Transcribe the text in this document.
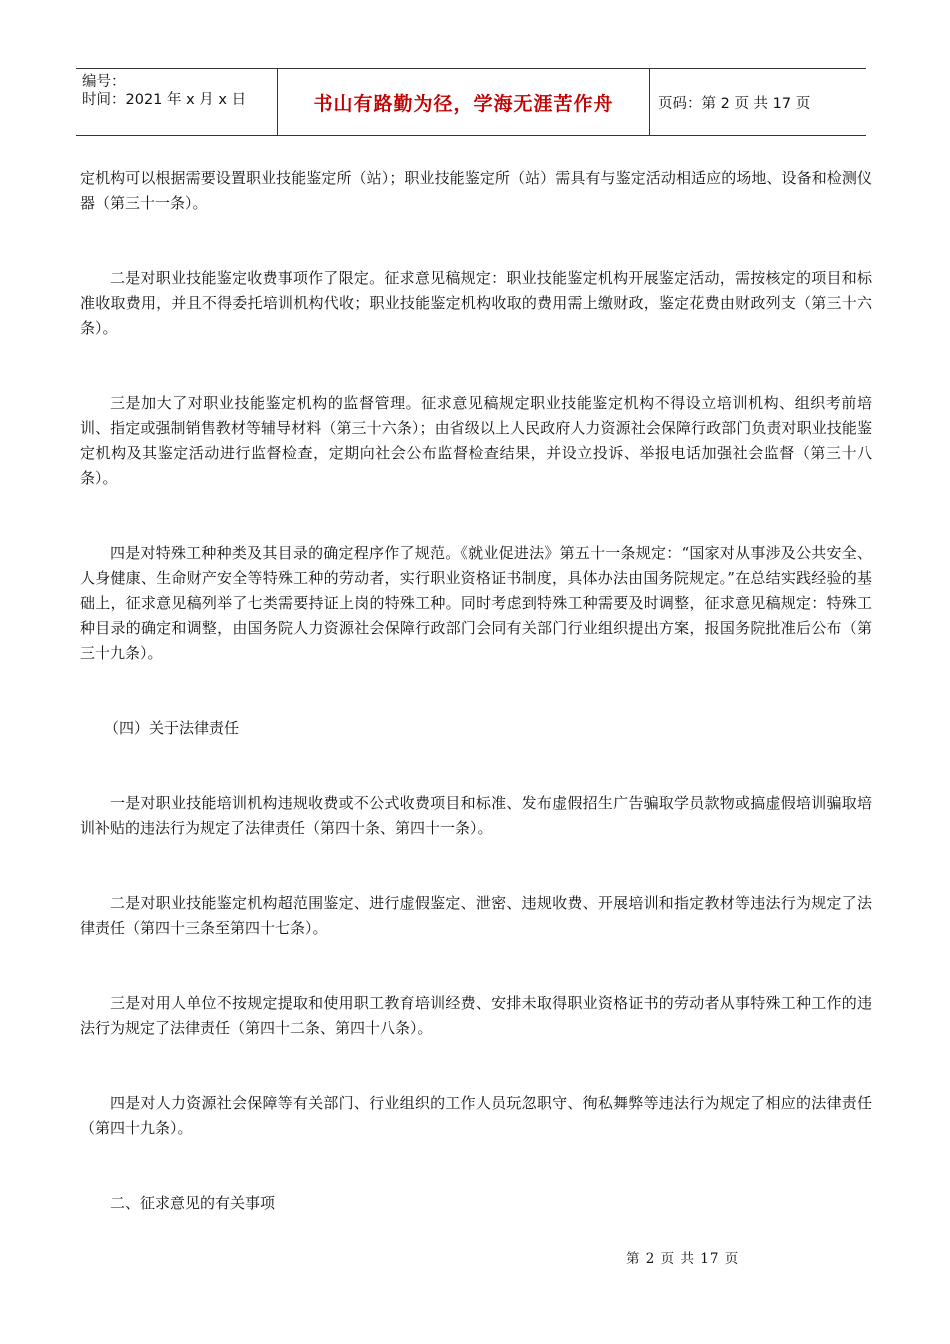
编号：
时间：2021 年 x 月 x 日	书山有路勤为径，学海无涯苦作舟	页码：第 2 页 共 17 页

定机构可以根据需要设置职业技能鉴定所（站）；职业技能鉴定所（站）需具有与鉴定活动相适应的场地、设备和检测仪器（第三十一条）。

二是对职业技能鉴定收费事项作了限定。征求意见稿规定：职业技能鉴定机构开展鉴定活动，需按核定的项目和标准收取费用，并且不得委托培训机构代收；职业技能鉴定机构收取的费用需上缴财政，鉴定花费由财政列支（第三十六条）。

三是加大了对职业技能鉴定机构的监督管理。征求意见稿规定职业技能鉴定机构不得设立培训机构、组织考前培训、指定或强制销售教材等辅导材料（第三十六条）；由省级以上人民政府人力资源社会保障行政部门负责对职业技能鉴定机构及其鉴定活动进行监督检查，定期向社会公布监督检查结果，并设立投诉、举报电话加强社会监督（第三十八条）。

四是对特殊工种种类及其目录的确定程序作了规范。《就业促进法》第五十一条规定：“国家对从事涉及公共安全、人身健康、生命财产安全等特殊工种的劳动者，实行职业资格证书制度，具体办法由国务院规定。”在总结实践经验的基础上，征求意见稿列举了七类需要持证上岗的特殊工种。同时考虑到特殊工种需要及时调整，征求意见稿规定：特殊工种目录的确定和调整，由国务院人力资源社会保障行政部门会同有关部门行业组织提出方案，报国务院批准后公布（第三十九条）。

（四）关于法律责任

一是对职业技能培训机构违规收费或不公式收费项目和标准、发布虚假招生广告骗取学员款物或搞虚假培训骗取培训补贴的违法行为规定了法律责任（第四十条、第四十一条）。

二是对职业技能鉴定机构超范围鉴定、进行虚假鉴定、泄密、违规收费、开展培训和指定教材等违法行为规定了法律责任（第四十三条至第四十七条）。

三是对用人单位不按规定提取和使用职工教育培训经费、安排未取得职业资格证书的劳动者从事特殊工种工作的违法行为规定了法律责任（第四十二条、第四十八条）。

四是对人力资源社会保障等有关部门、行业组织的工作人员玩忽职守、徇私舞弊等违法行为规定了相应的法律责任（第四十九条）。

二、征求意见的有关事项

第 2 页 共 17 页
